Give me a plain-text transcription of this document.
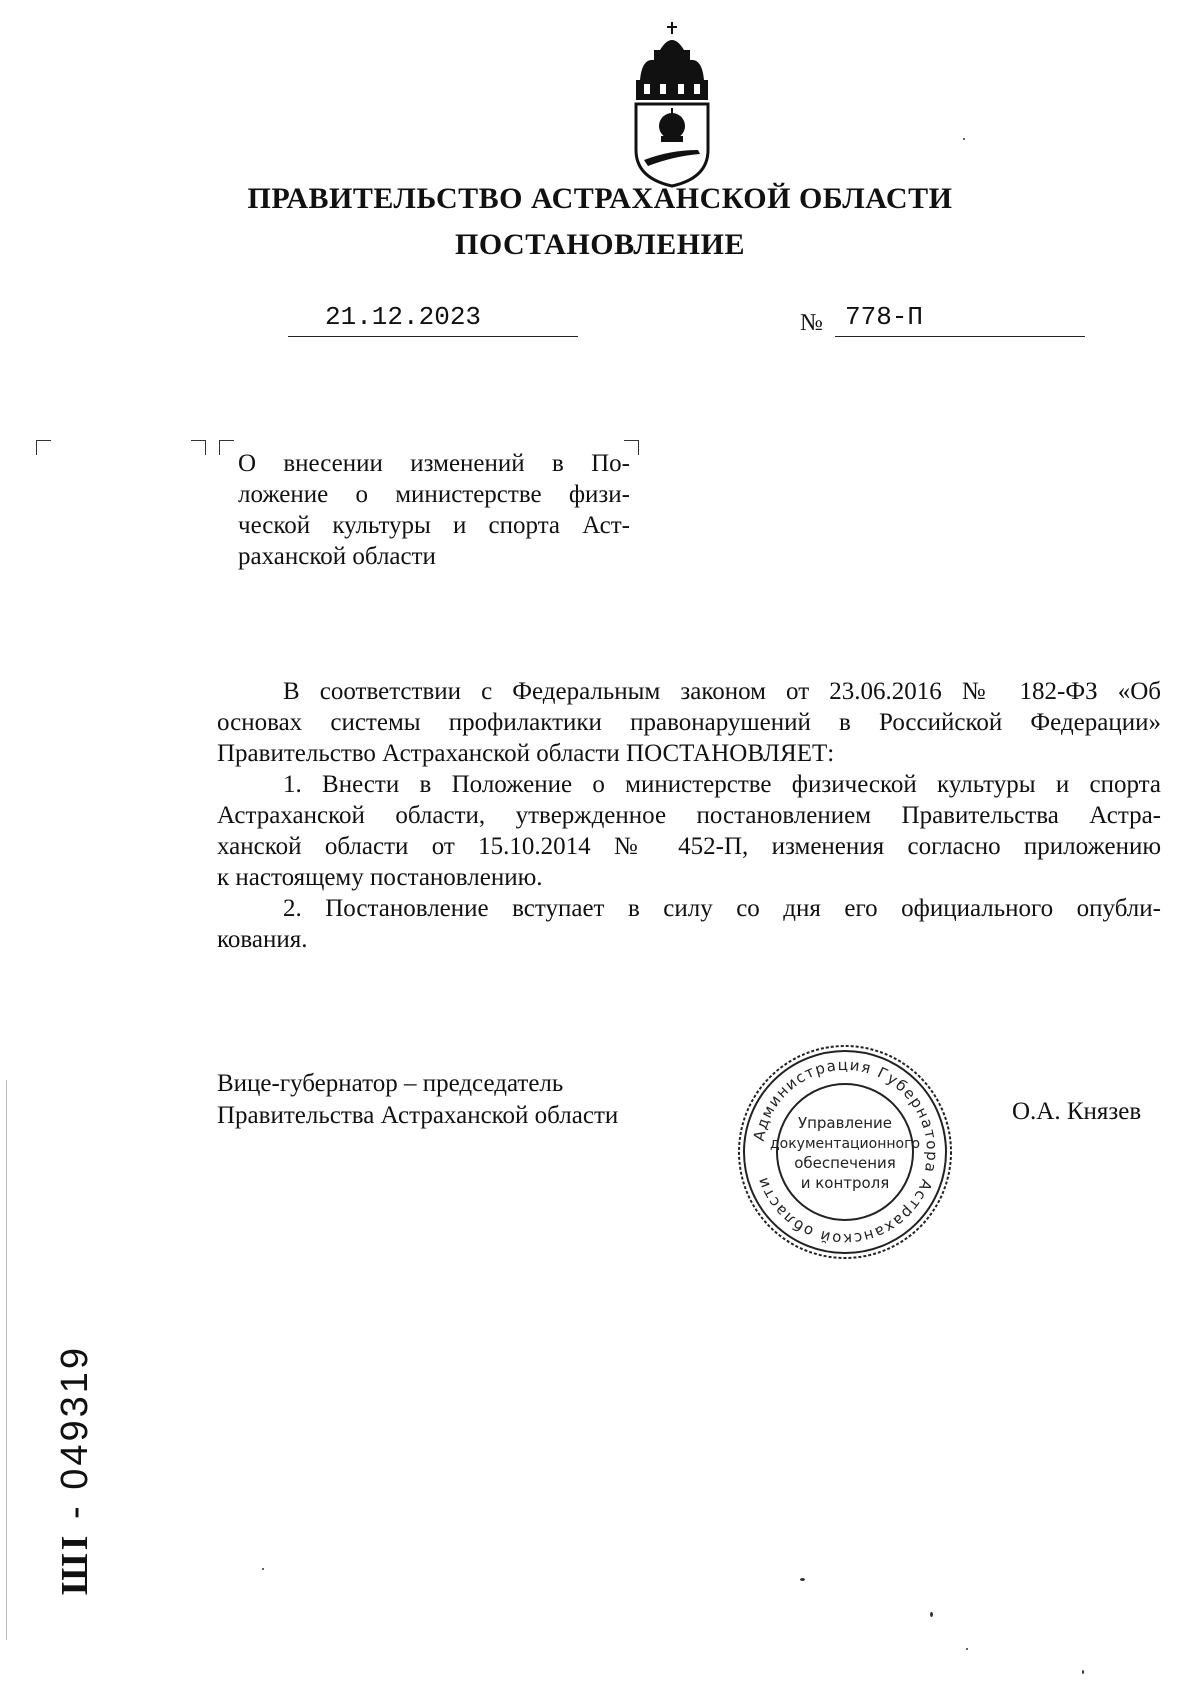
ПРАВИТЕЛЬСТВО АСТРАХАНСКОЙ ОБЛАСТИ
ПОСТАНОВЛЕНИЕ
21.12.2023	№ 778-П
О внесении изменений в По-
ложение о министерстве физи-
ческой культуры и спорта Аст-
раханской области

В соответствии с Федеральным законом от 23.06.2016 № 182-ФЗ «Об
основах системы профилактики правонарушений в Российской Федерации»
Правительство Астраханской области ПОСТАНОВЛЯЕТ:

1. Внести в Положение о министерстве физической культуры и спорта
Астраханской области, утвержденное постановлением Правительства Астра-
ханской области от 15.10.2014 № 452-П, изменения согласно приложению
к настоящему постановлению.

2. Постановление вступает в силу со дня его официального опубли-
кования.

Вице-губернатор – председатель
Правительства Астраханской области	О.А. Князев
Администрация Губернатора Астраханской области
Управление
документационного
обеспечения
и контроля
ШI - 049319
